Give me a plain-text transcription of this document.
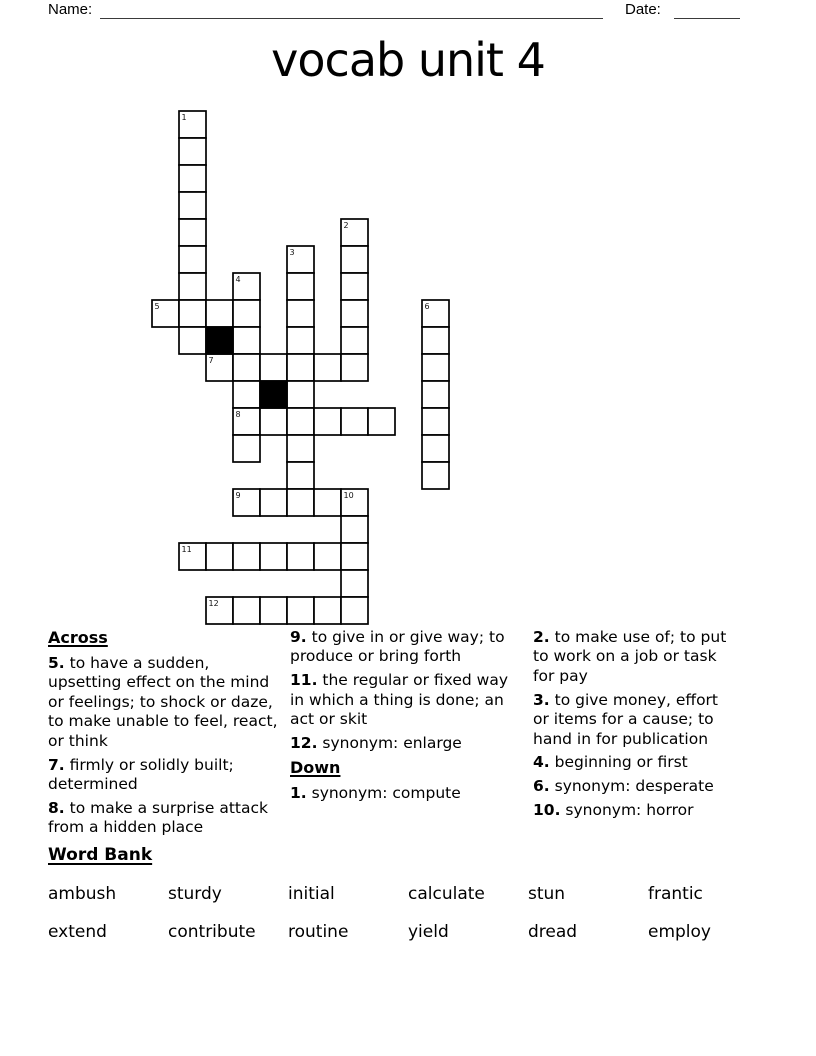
Name:	Date:
vocab unit 4
1
2
3
4
5	6
7
8
9	10
11
12
Across

5. to have a sudden, upsetting effect on the mind or feelings; to shock or daze, to make unable to feel, react, or think

7. firmly or solidly built; determined

8. to make a surprise attack from a hidden place

9. to give in or give way; to produce or bring forth

11. the regular or fixed way in which a thing is done; an act or skit

12. synonym: enlarge

Down

1. synonym: compute

2. to make use of; to put to work on a job or task for pay

3. to give money, effort or items for a cause; to hand in for publication

4. beginning or first

6. synonym: desperate

10. synonym: horror

Word Bank
ambush	sturdy	initial	calculate	stun	frantic
extend	contribute	routine	yield	dread	employ
